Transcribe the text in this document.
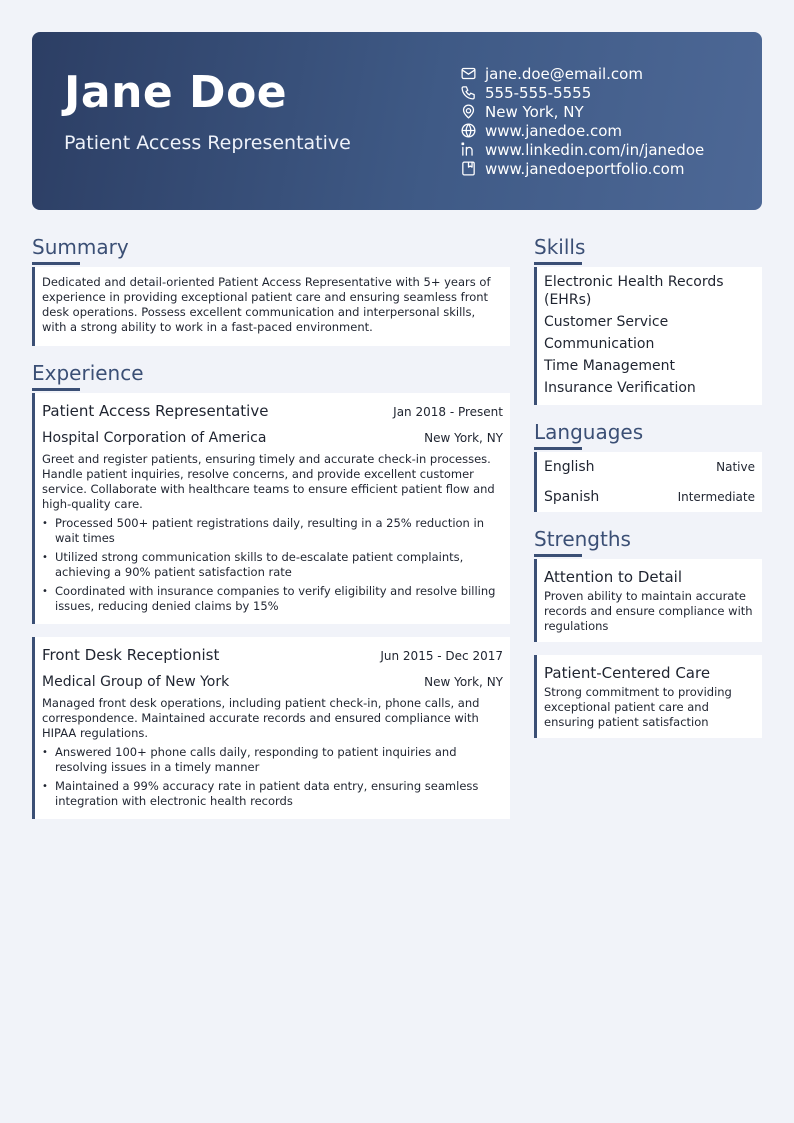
Jane Doe
Patient Access Representative
jane.doe@email.com
555-555-5555
New York, NY
www.janedoe.com
www.linkedin.com/in/janedoe
www.janedoeportfolio.com
Summary

Dedicated and detail-oriented Patient Access Representative with 5+ years of experience in providing exceptional patient care and ensuring seamless front desk operations. Possess excellent communication and interpersonal skills, with a strong ability to work in a fast-paced environment.

Experience
Patient Access Representative	Jan 2018 - Present
Hospital Corporation of America	New York, NY

Greet and register patients, ensuring timely and accurate check-in processes. Handle patient inquiries, resolve concerns, and provide excellent customer service. Collaborate with healthcare teams to ensure efficient patient flow and high-quality care.

• Processed 500+ patient registrations daily, resulting in a 25% reduction in wait times
• Utilized strong communication skills to de-escalate patient complaints, achieving a 90% patient satisfaction rate
• Coordinated with insurance companies to verify eligibility and resolve billing issues, reducing denied claims by 15%
Front Desk Receptionist	Jun 2015 - Dec 2017
Medical Group of New York	New York, NY

Managed front desk operations, including patient check-in, phone calls, and correspondence. Maintained accurate records and ensured compliance with HIPAA regulations.

• Answered 100+ phone calls daily, responding to patient inquiries and resolving issues in a timely manner
• Maintained a 99% accuracy rate in patient data entry, ensuring seamless integration with electronic health records
Skills
Electronic Health Records (EHRs)
Customer Service
Communication
Time Management
Insurance Verification
Languages
English	Native
Spanish	Intermediate
Strengths
Attention to Detail
Proven ability to maintain accurate records and ensure compliance with regulations
Patient-Centered Care
Strong commitment to providing exceptional patient care and ensuring patient satisfaction
